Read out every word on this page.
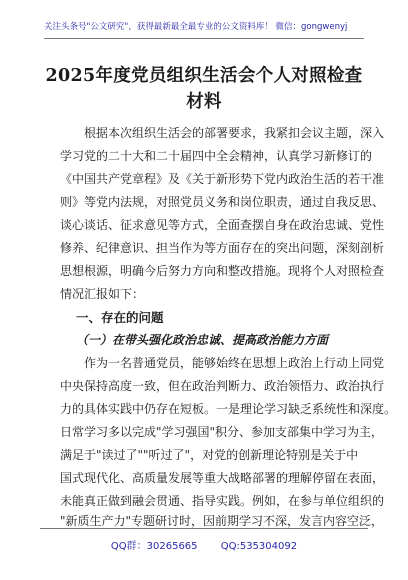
关注头条号"公文研究"，获得最新最全最专业的公文资料库！ 微信：gongwenyj
2025年度党员组织生活会个人对照检查
材料
根据本次组织生活会的部署要求，我紧扣会议主题，深入
学习党的二十大和二十届四中全会精神，认真学习新修订的
《中国共产党章程》及《关于新形势下党内政治生活的若干准
则》等党内法规，对照党员义务和岗位职责，通过自我反思、
谈心谈话、征求意见等方式，全面查摆自身在政治忠诚、党性
修养、纪律意识、担当作为等方面存在的突出问题，深刻剖析
思想根源，明确今后努力方向和整改措施。现将个人对照检查
情况汇报如下：
一、存在的问题
（一）在带头强化政治忠诚、提高政治能力方面
作为一名普通党员，能够始终在思想上政治上行动上同党
中央保持高度一致，但在政治判断力、政治领悟力、政治执行
力的具体实践中仍存在短板。一是理论学习缺乏系统性和深度。
日常学习多以完成"学习强国"积分、参加支部集中学习为主，
满足于"读过了""听过了"，对党的创新理论特别是关于中
国式现代化、高质量发展等重大战略部署的理解停留在表面，
未能真正做到融会贯通、指导实践。例如，在参与单位组织的
"新质生产力"专题研讨时，因前期学习不深，发言内容空泛，
QQ群：30265665 QQ:535304092
